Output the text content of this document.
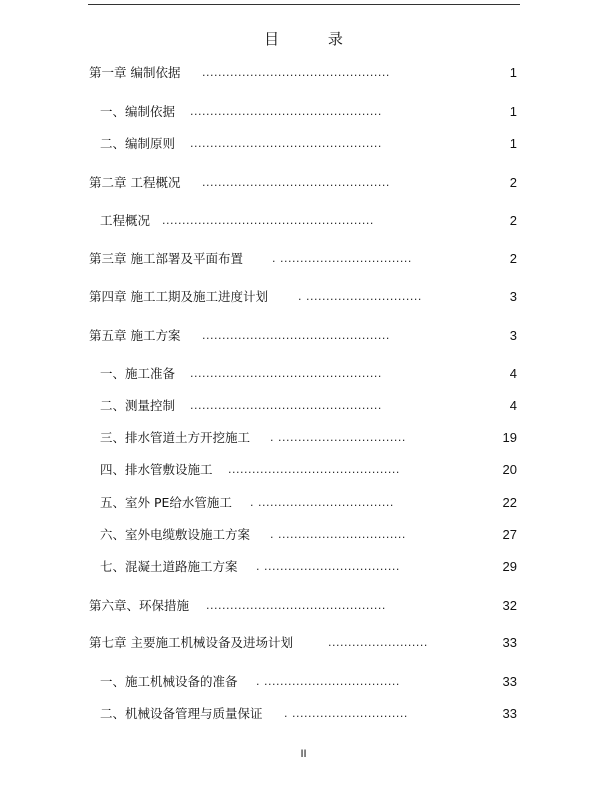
目 录
第一章 编制依据 ...............................................	1
一、编制依据 ................................................	1
二、编制原则 ................................................	1
第二章 工程概况 ...............................................	2
工程概况 .....................................................	2
第三章 施工部署及平面布置	. .................................	2
第四章 施工工期及施工进度计划	. .............................	3
第五章 施工方案 ...............................................	3
一、施工准备 ................................................	4
二、测量控制 ................................................	4
三、排水管道土方开挖施工 . ................................	19
四、排水管敷设施工 ...........................................	20
五、室外 PE给水管施工 . ..................................	22
六、室外电缆敷设施工方案 . ................................	27
七、混凝土道路施工方案 . ..................................	29
第六章、环保措施 .............................................	32
第七章 主要施工机械设备及进场计划	.........................	33
一、施工机械设备的准备 . ..................................	33
二、机械设备管理与质量保证 . .............................	33
II
